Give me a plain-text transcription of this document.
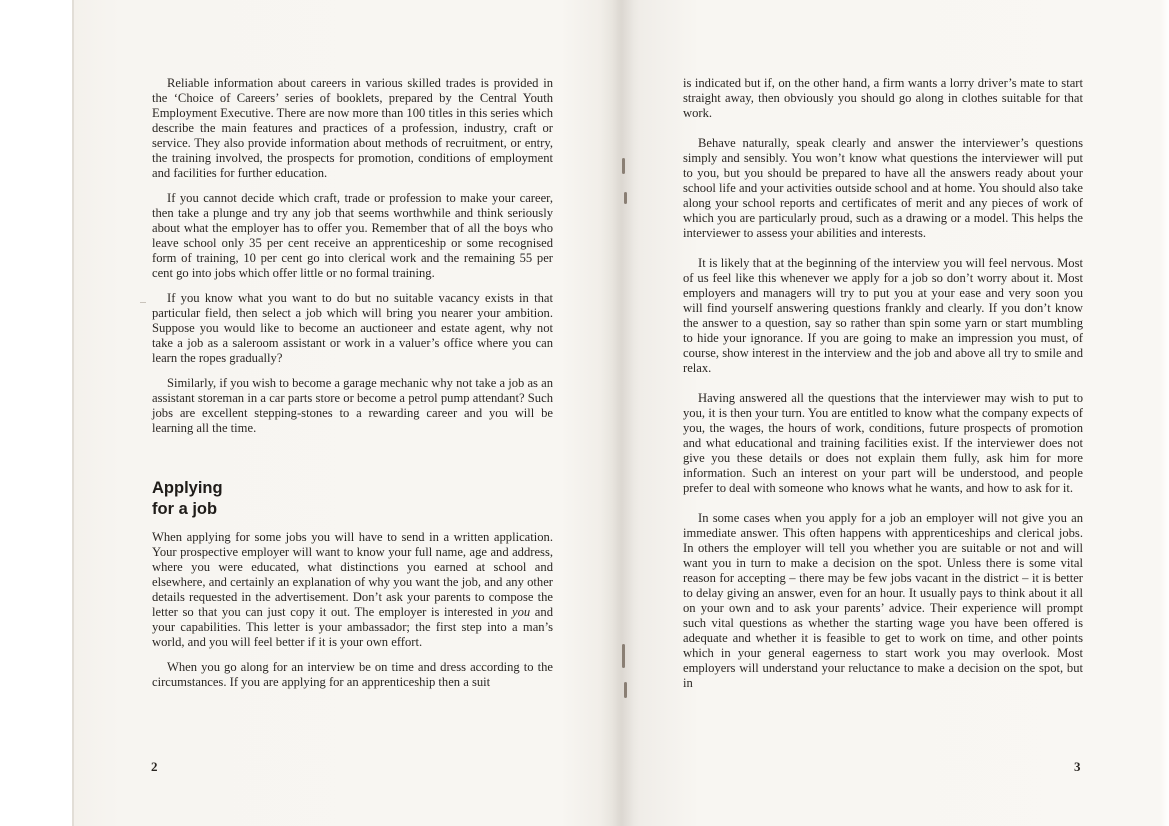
Reliable information about careers in various skilled trades is provided in the ‘Choice of Careers’ series of booklets, prepared by the Central Youth Employment Executive. There are now more than 100 titles in this series which describe the main features and practices of a profession, industry, craft or service. They also provide information about methods of recruitment, or entry, the training involved, the prospects for promotion, conditions of employment and facilities for further education.

If you cannot decide which craft, trade or profession to make your career, then take a plunge and try any job that seems worthwhile and think seriously about what the employer has to offer you. Remember that of all the boys who leave school only 35 per cent receive an apprenticeship or some recognised form of training, 10 per cent go into clerical work and the remaining 55 per cent go into jobs which offer little or no formal training.

If you know what you want to do but no suitable vacancy exists in that particular field, then select a job which will bring you nearer your ambition. Suppose you would like to become an auctioneer and estate agent, why not take a job as a saleroom assistant or work in a valuer’s office where you can learn the ropes gradually?

Similarly, if you wish to become a garage mechanic why not take a job as an assistant storeman in a car parts store or become a petrol pump attendant? Such jobs are excellent stepping-stones to a rewarding career and you will be learning all the time.

Applying
for a job

When applying for some jobs you will have to send in a written application. Your prospective employer will want to know your full name, age and address, where you were educated, what distinctions you earned at school and elsewhere, and certainly an explanation of why you want the job, and any other details requested in the advertisement. Don’t ask your parents to compose the letter so that you can just copy it out. The employer is interested in you and your capabilities. This letter is your ambassador; the first step into a man’s world, and you will feel better if it is your own effort.

When you go along for an interview be on time and dress according to the circumstances. If you are applying for an apprenticeship then a suit

2

is indicated but if, on the other hand, a firm wants a lorry driver’s mate to start straight away, then obviously you should go along in clothes suitable for that work.

Behave naturally, speak clearly and answer the interviewer’s questions simply and sensibly. You won’t know what questions the interviewer will put to you, but you should be prepared to have all the answers ready about your school life and your activities outside school and at home. You should also take along your school reports and certificates of merit and any pieces of work of which you are particularly proud, such as a drawing or a model. This helps the interviewer to assess your abilities and interests.

It is likely that at the beginning of the interview you will feel nervous. Most of us feel like this whenever we apply for a job so don’t worry about it. Most employers and managers will try to put you at your ease and very soon you will find yourself answering questions frankly and clearly. If you don’t know the answer to a question, say so rather than spin some yarn or start mumbling to hide your ignorance. If you are going to make an impression you must, of course, show interest in the interview and the job and above all try to smile and relax.

Having answered all the questions that the interviewer may wish to put to you, it is then your turn. You are entitled to know what the company expects of you, the wages, the hours of work, conditions, future prospects of promotion and what educational and training facilities exist. If the interviewer does not give you these details or does not explain them fully, ask him for more information. Such an interest on your part will be understood, and people prefer to deal with someone who knows what he wants, and how to ask for it.

In some cases when you apply for a job an employer will not give you an immediate answer. This often happens with apprenticeships and clerical jobs. In others the employer will tell you whether you are suitable or not and will want you in turn to make a decision on the spot. Unless there is some vital reason for accepting – there may be few jobs vacant in the district – it is better to delay giving an answer, even for an hour. It usually pays to think about it all on your own and to ask your parents’ advice. Their experience will prompt such vital questions as whether the starting wage you have been offered is adequate and whether it is feasible to get to work on time, and other points which in your general eagerness to start work you may overlook. Most employers will understand your reluctance to make a decision on the spot, but in

3
